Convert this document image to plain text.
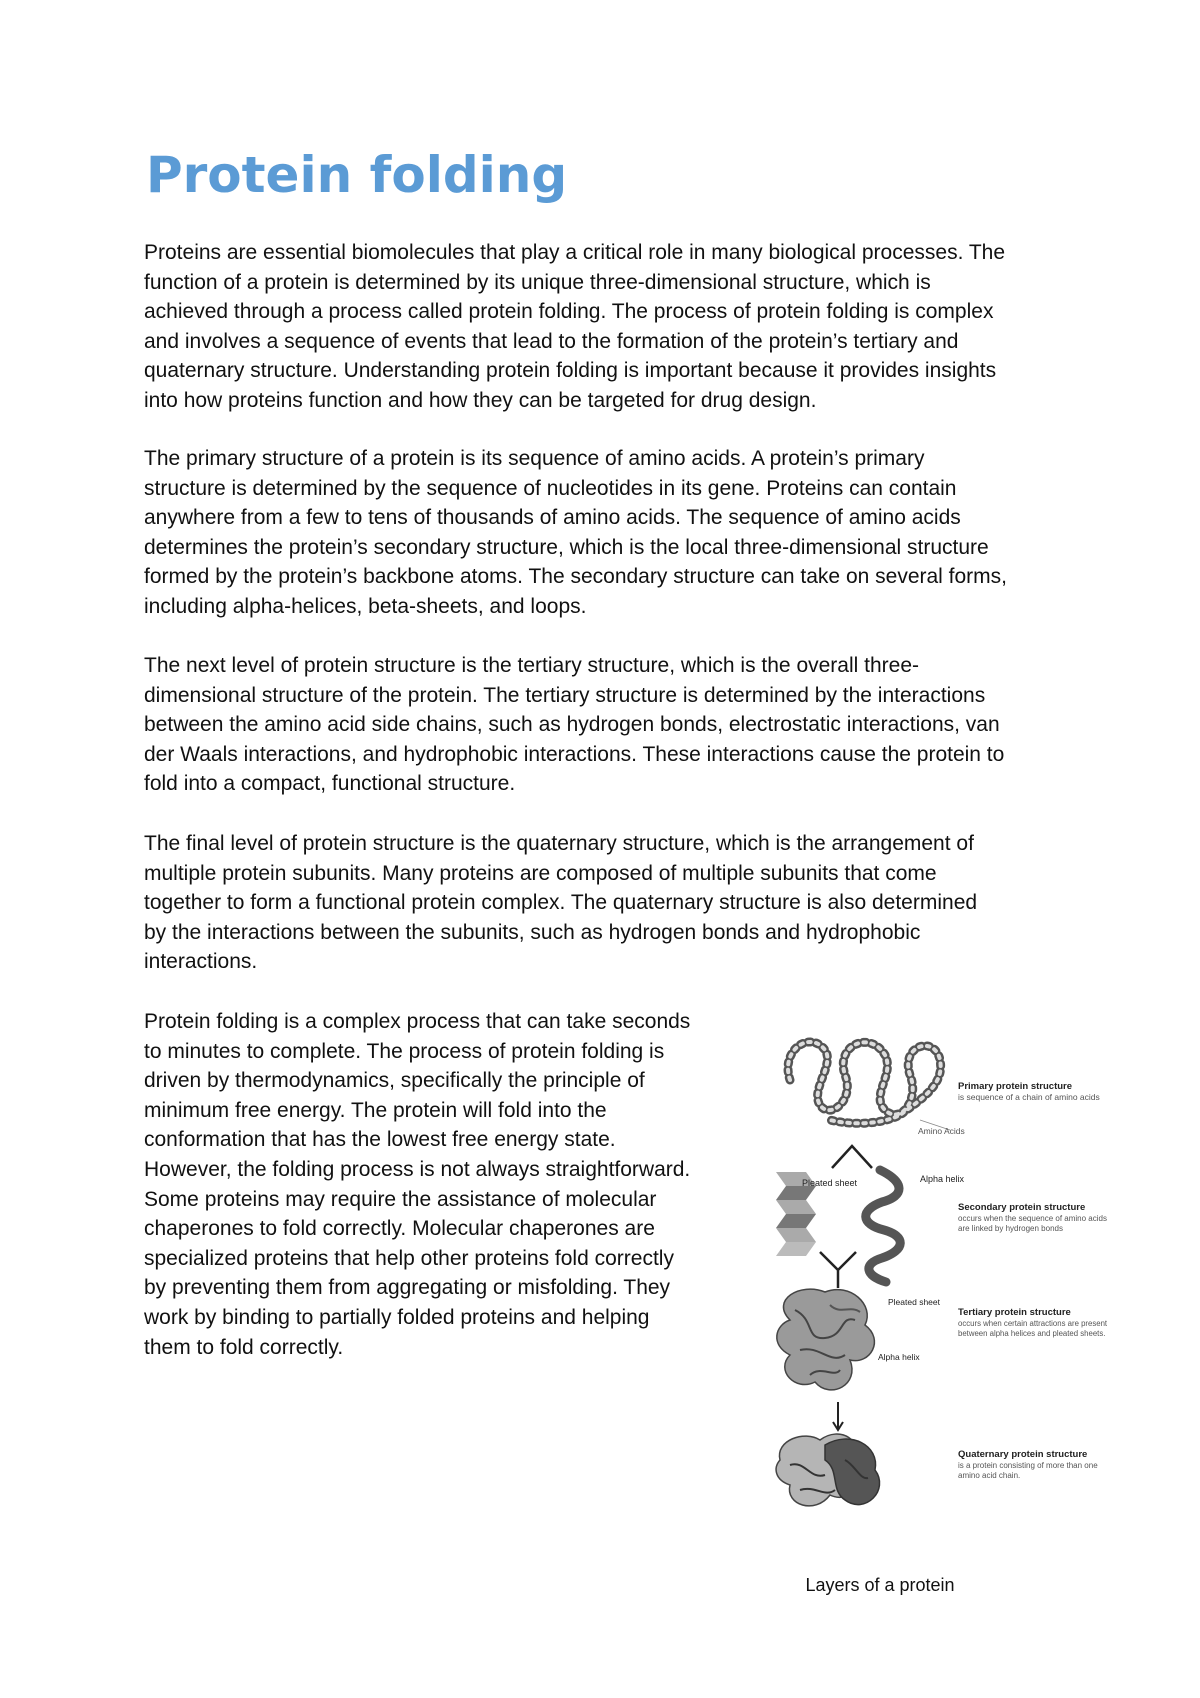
Protein folding
Proteins are essential biomolecules that play a critical role in many biological processes. The
function of a protein is determined by its unique three-dimensional structure, which is
achieved through a process called protein folding. The process of protein folding is complex
and involves a sequence of events that lead to the formation of the protein’s tertiary and
quaternary structure. Understanding protein folding is important because it provides insights
into how proteins function and how they can be targeted for drug design.
The primary structure of a protein is its sequence of amino acids. A protein’s primary
structure is determined by the sequence of nucleotides in its gene. Proteins can contain
anywhere from a few to tens of thousands of amino acids. The sequence of amino acids
determines the protein’s secondary structure, which is the local three-dimensional structure
formed by the protein’s backbone atoms. The secondary structure can take on several forms,
including alpha-helices, beta-sheets, and loops.
The next level of protein structure is the tertiary structure, which is the overall three-
dimensional structure of the protein. The tertiary structure is determined by the interactions
between the amino acid side chains, such as hydrogen bonds, electrostatic interactions, van
der Waals interactions, and hydrophobic interactions. These interactions cause the protein to
fold into a compact, functional structure.
The final level of protein structure is the quaternary structure, which is the arrangement of
multiple protein subunits. Many proteins are composed of multiple subunits that come
together to form a functional protein complex. The quaternary structure is also determined
by the interactions between the subunits, such as hydrogen bonds and hydrophobic
interactions.
Protein folding is a complex process that can take seconds
to minutes to complete. The process of protein folding is
driven by thermodynamics, specifically the principle of
minimum free energy. The protein will fold into the
conformation that has the lowest free energy state.
However, the folding process is not always straightforward.
Some proteins may require the assistance of molecular
chaperones to fold correctly. Molecular chaperones are
specialized proteins that help other proteins fold correctly
by preventing them from aggregating or misfolding. They
work by binding to partially folded proteins and helping
them to fold correctly.
Primary protein structure
is sequence of a chain of amino acids
Amino Acids
Pleated sheet	Alpha helix
Secondary protein structure
occurs when the sequence of amino acids
are linked by hydrogen bonds
Pleated sheet
Tertiary protein structure
occurs when certain attractions are present
between alpha helices and pleated sheets.
Alpha helix
Quaternary protein structure
is a protein consisting of more than one
amino acid chain.
Layers of a protein
